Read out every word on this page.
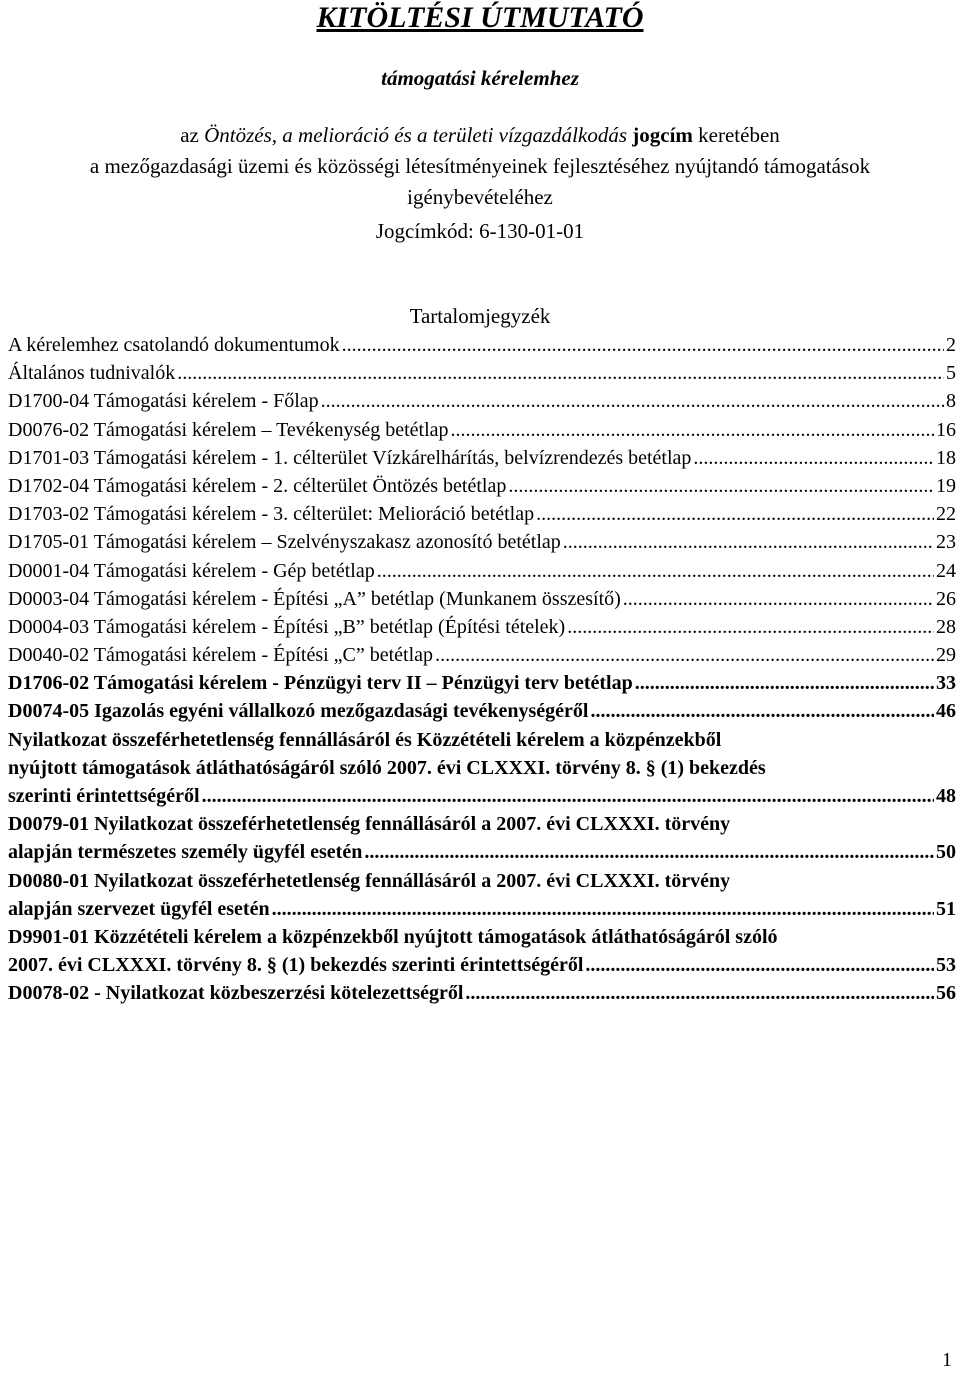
KITÖLTÉSI ÚTMUTATÓ
támogatási kérelemhez
az Öntözés, a melioráció és a területi vízgazdálkodás jogcím keretében
a mezőgazdasági üzemi és közösségi létesítményeinek fejlesztéséhez nyújtandó támogatások
igénybevételéhez
Jogcímkód: 6-130-01-01
Tartalomjegyzék
A kérelemhez csatolandó dokumentumok .....	2
Általános tudnivalók .....	5
D1700-04 Támogatási kérelem - Főlap .....	8
D0076-02 Támogatási kérelem – Tevékenység betétlap .....	16
D1701-03 Támogatási kérelem - 1. célterület Vízkárelhárítás, belvízrendezés betétlap .....	18
D1702-04 Támogatási kérelem - 2. célterület Öntözés betétlap .....	19
D1703-02 Támogatási kérelem - 3. célterület: Melioráció betétlap .....	22
D1705-01 Támogatási kérelem – Szelvényszakasz azonosító betétlap .....	23
D0001-04 Támogatási kérelem - Gép betétlap .....	24
D0003-04 Támogatási kérelem - Építési „A” betétlap (Munkanem összesítő) .....	26
D0004-03 Támogatási kérelem - Építési „B” betétlap (Építési tételek) .....	28
D0040-02 Támogatási kérelem - Építési „C” betétlap .....	29
D1706-02 Támogatási kérelem - Pénzügyi terv II – Pénzügyi terv betétlap .....	33
D0074-05 Igazolás egyéni vállalkozó mezőgazdasági tevékenységéről .....	46
Nyilatkozat összeférhetetlenség fennállásáról és Közzétételi kérelem a közpénzekből
nyújtott támogatások átláthatóságáról szóló 2007. évi CLXXXI. törvény 8. § (1) bekezdés
szerinti érintettségéről .....	48
D0079-01 Nyilatkozat összeférhetetlenség fennállásáról a 2007. évi CLXXXI. törvény
alapján természetes személy ügyfél esetén .....	50
D0080-01 Nyilatkozat összeférhetetlenség fennállásáról a 2007. évi CLXXXI. törvény
alapján szervezet ügyfél esetén .....	51
D9901-01 Közzétételi kérelem a közpénzekből nyújtott támogatások átláthatóságáról szóló
2007. évi CLXXXI. törvény 8. § (1) bekezdés szerinti érintettségéről .....	53
D0078-02 - Nyilatkozat közbeszerzési kötelezettségről .....	56
1
